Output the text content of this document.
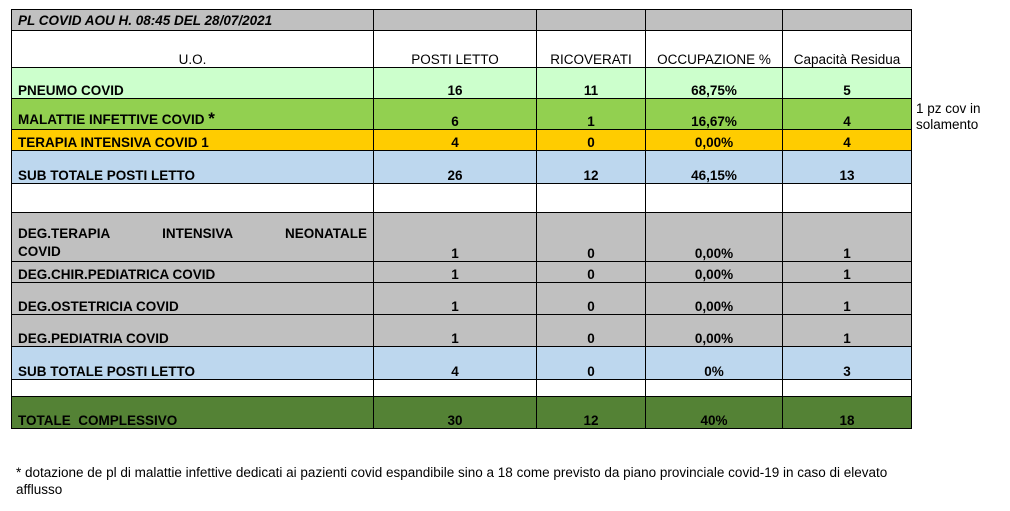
PL COVID AOU H. 08:45 DEL 28/07/2021				
U.O.	POSTI LETTO	RICOVERATI	OCCUPAZIONE %	Capacità Residua
PNEUMO COVID	16	11	68,75%	5
MALATTIE INFETTIVE COVID *	6	1	16,67%	4
TERAPIA INTENSIVA COVID 1	4	0	0,00%	4
SUB TOTALE POSTI LETTO	26	12	46,15%	13

DEG.TERAPIA INTENSIVA NEONATALE
COVID	1	0	0,00%	1
DEG.CHIR.PEDIATRICA COVID	1	0	0,00%	1
DEG.OSTETRICIA COVID	1	0	0,00%	1
DEG.PEDIATRIA COVID	1	0	0,00%	1
SUB TOTALE POSTI LETTO	4	0	0%	3

TOTALE  COMPLESSIVO	30	12	40%	18
1 pz cov in
solamento
* dotazione de pl di malattie infettive dedicati ai pazienti covid espandibile sino a 18 come previsto da piano provinciale covid-19 in caso di elevato afflusso
